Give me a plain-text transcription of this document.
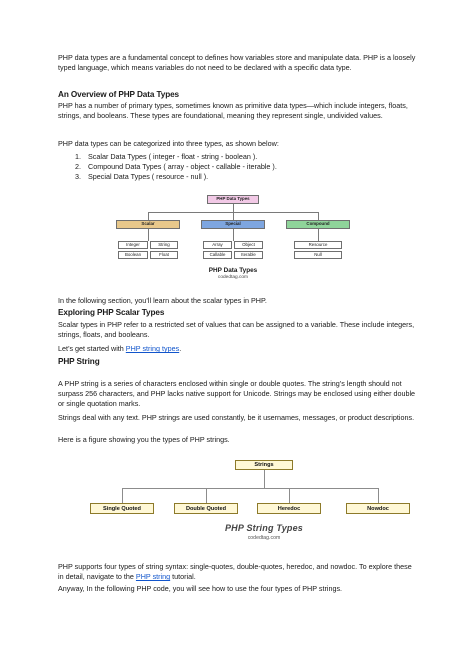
PHP data types are a fundamental concept to defines how variables store and manipulate data. PHP is a loosely typed language, which means variables do not need to be declared with a specific data type.

An Overview of PHP Data Types

PHP has a number of primary types, sometimes known as primitive data types—which include integers, floats, strings, and booleans. These types are foundational, meaning they represent single, undivided values.

PHP data types can be categorized into three types, as shown below:

1. Scalar Data Types ( integer - float - string - boolean ).
2. Compound Data Types ( array - object - callable - iterable ).
3. Special Data Types ( resource - null ).
PHP Data Types
Scalar	Special	Compound
Integer	String
Boolean	Float
Array	Object
Callable	Iterable
Resource
Null
PHP Data Types
codedtag.com

In the following section, you’ll learn about the scalar types in PHP.

Exploring PHP Scalar Types

Scalar types in PHP refer to a restricted set of values that can be assigned to a variable. These include integers, strings, floats, and booleans.

Let’s get started with PHP string types.

PHP String

A PHP string is a series of characters enclosed within single or double quotes. The string’s length should not surpass 256 characters, and PHP lacks native support for Unicode. Strings may be enclosed using either double or single quotation marks.

Strings deal with any text. PHP strings are used constantly, be it usernames, messages, or product descriptions.

Here is a figure showing you the types of PHP strings.

Strings
Single Quoted	Double Quoted	Heredoc	Nowdoc
PHP String Types
codedtag.com

PHP supports four types of string syntax: single-quotes, double-quotes, heredoc, and nowdoc. To explore these in detail, navigate to the PHP string tutorial.

Anyway, In the following PHP code, you will see how to use the four types of PHP strings.
